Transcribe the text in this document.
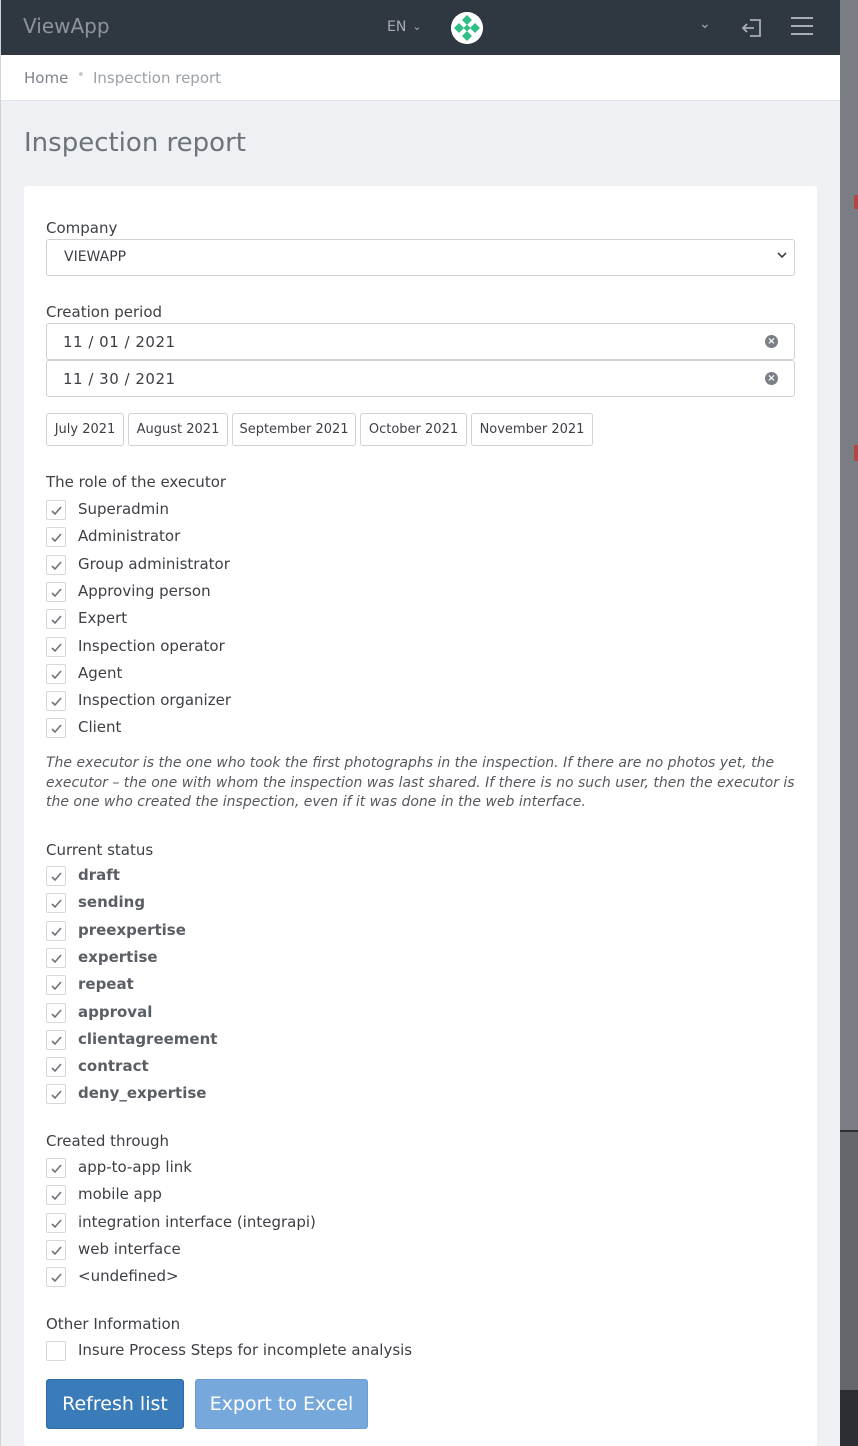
ViewApp	EN ⌄	⌄
Home • Inspection report
Inspection report
Company
VIEWAPP
Creation period
11 / 01 / 2021	×
11 / 30 / 2021	×
July 2021	August 2021	September 2021	October 2021	November 2021
The role of the executor
Superadmin
Administrator
Group administrator
Approving person
Expert
Inspection operator
Agent
Inspection organizer
Client
The executor is the one who took the first photographs in the inspection. If there are no photos yet, the executor – the one with whom the inspection was last shared. If there is no such user, then the executor is the one who created the inspection, even if it was done in the web interface.
Current status
draft
sending
preexpertise
expertise
repeat
approval
clientagreement
contract
deny_expertise
Created through
app-to-app link
mobile app
integration interface (integrapi)
web interface
<undefined>
Other Information
Insure Process Steps for incomplete analysis
Refresh list	Export to Excel
